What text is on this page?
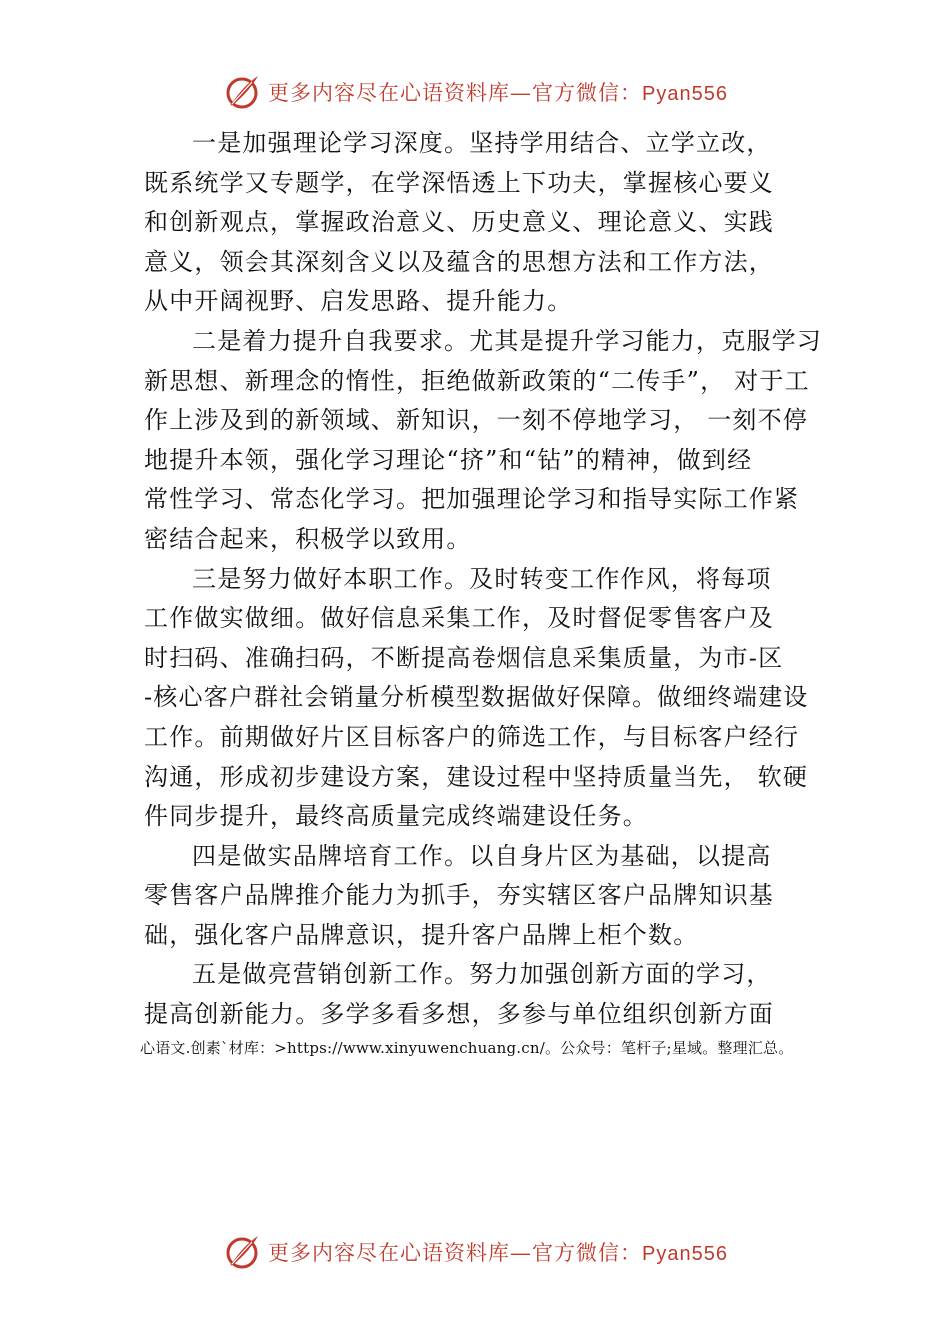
更多内容尽在心语资料库—官方微信：Pyan556
一是加强理论学习深度。坚持学用结合、立学立改，
既系统学又专题学，在学深悟透上下功夫，掌握核心要义
和创新观点，掌握政治意义、历史意义、理论意义、实践
意义，领会其深刻含义以及蕴含的思想方法和工作方法，
从中开阔视野、启发思路、提升能力。
二是着力提升自我要求。尤其是提升学习能力，克服学习
新思想、新理念的惰性，拒绝做新政策的“二传手”， 对于工
作上涉及到的新领域、新知识，一刻不停地学习， 一刻不停
地提升本领，强化学习理论“挤”和“钻”的精神，做到经
常性学习、常态化学习。把加强理论学习和指导实际工作紧
密结合起来，积极学以致用。
三是努力做好本职工作。及时转变工作作风，将每项
工作做实做细。做好信息采集工作，及时督促零售客户及
时扫码、准确扫码，不断提高卷烟信息采集质量，为市-区
-核心客户群社会销量分析模型数据做好保障。做细终端建设
工作。前期做好片区目标客户的筛选工作，与目标客户经行
沟通，形成初步建设方案，建设过程中坚持质量当先， 软硬
件同步提升，最终高质量完成终端建设任务。
四是做实品牌培育工作。以自身片区为基础，以提高
零售客户品牌推介能力为抓手，夯实辖区客户品牌知识基
础，强化客户品牌意识，提升客户品牌上柜个数。
五是做亮营销创新工作。努力加强创新方面的学习，
提高创新能力。多学多看多想，多参与单位组织创新方面
心语文.创素`材库：>https://www.xinyuwenchuang.cn/。公众号：笔杆子;星域。整理汇总。
更多内容尽在心语资料库—官方微信：Pyan556
